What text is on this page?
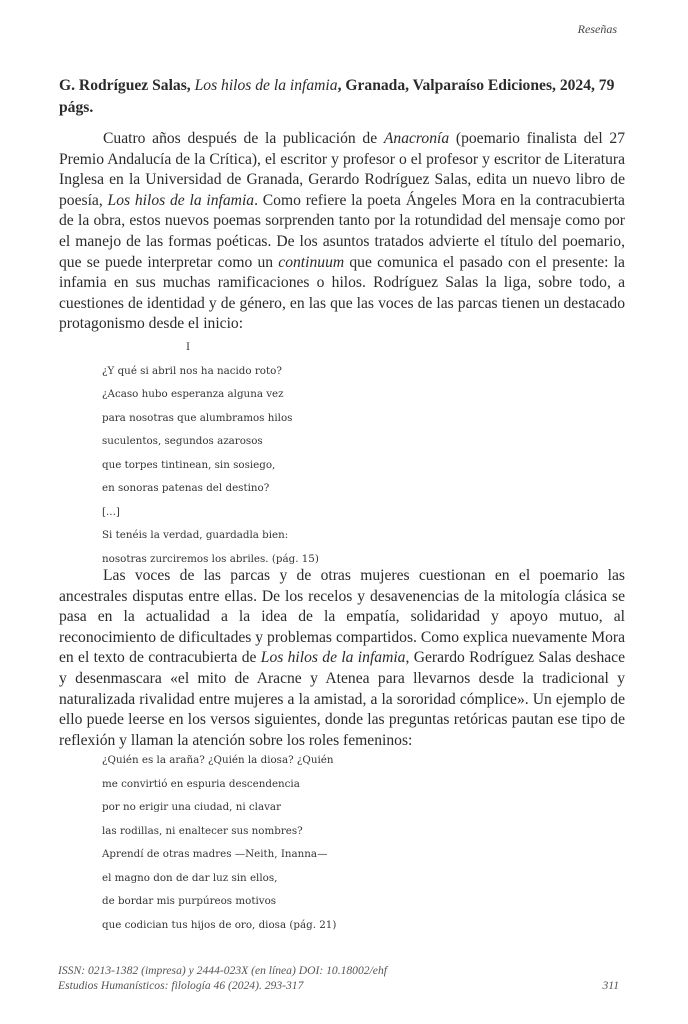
Reseñas
G. Rodríguez Salas, Los hilos de la infamia, Granada, Valparaíso Ediciones, 2024, 79 págs.

Cuatro años después de la publicación de Anacronía (poemario finalista del 27 Premio Andalucía de la Crítica), el escritor y profesor o el profesor y escritor de Literatura Inglesa en la Universidad de Granada, Gerardo Rodríguez Salas, edita un nuevo libro de poesía, Los hilos de la infamia. Como refiere la poeta Ángeles Mora en la contracubierta de la obra, estos nuevos poemas sorprenden tanto por la rotundidad del mensaje como por el manejo de las formas poéticas. De los asuntos tratados advierte el título del poemario, que se puede interpretar como un continuum que comunica el pasado con el presente: la infamia en sus muchas ramificaciones o hilos. Rodríguez Salas la liga, sobre todo, a cuestiones de identidad y de género, en las que las voces de las parcas tienen un destacado protagonismo desde el inicio:

I
¿Y qué si abril nos ha nacido roto?
¿Acaso hubo esperanza alguna vez
para nosotras que alumbramos hilos
suculentos, segundos azarosos
que torpes tintinean, sin sosiego,
en sonoras patenas del destino?
[...]
Si tenéis la verdad, guardadla bien:
nosotras zurciremos los abriles. (pág. 15)

Las voces de las parcas y de otras mujeres cuestionan en el poemario las ancestrales disputas entre ellas. De los recelos y desavenencias de la mitología clásica se pasa en la actualidad a la idea de la empatía, solidaridad y apoyo mutuo, al reconocimiento de dificultades y problemas compartidos. Como explica nuevamente Mora en el texto de contracubierta de Los hilos de la infamia, Gerardo Rodríguez Salas deshace y desenmascara «el mito de Aracne y Atenea para llevarnos desde la tradicional y naturalizada rivalidad entre mujeres a la amistad, a la sororidad cómplice». Un ejemplo de ello puede leerse en los versos siguientes, donde las preguntas retóricas pautan ese tipo de reflexión y llaman la atención sobre los roles femeninos:

¿Quién es la araña? ¿Quién la diosa? ¿Quién
me convirtió en espuria descendencia
por no erigir una ciudad, ni clavar
las rodillas, ni enaltecer sus nombres?
Aprendí de otras madres —Neith, Inanna—
el magno don de dar luz sin ellos,
de bordar mis purpúreos motivos
que codician tus hijos de oro, diosa (pág. 21)
ISSN: 0213-1382 (impresa) y 2444-023X (en línea) DOI: 10.18002/ehf
Estudios Humanísticos: filología 46 (2024). 293-317	311
